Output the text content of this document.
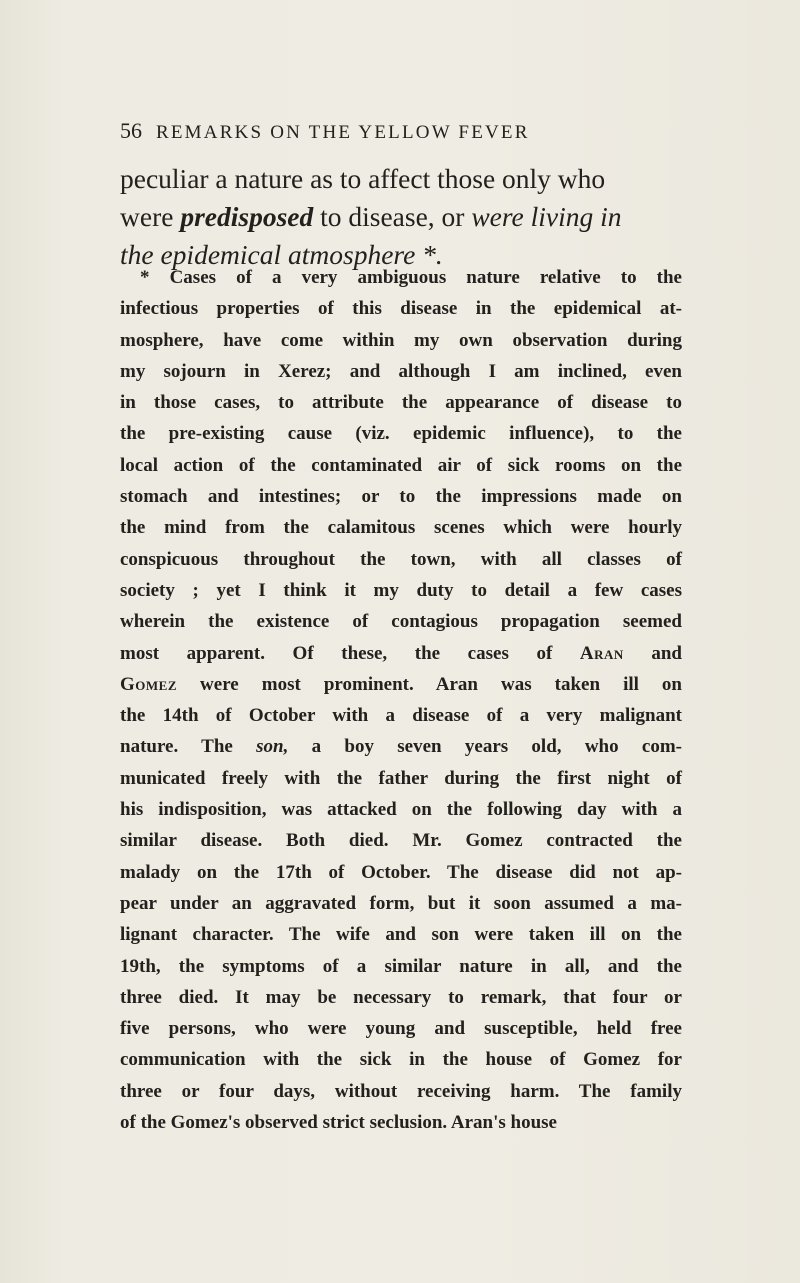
56 REMARKS ON THE YELLOW FEVER
peculiar a nature as to affect those only who
were predisposed to disease, or were living in
the epidemical atmosphere *.
* Cases of a very ambiguous nature relative to the
infectious properties of this disease in the epidemical at-
mosphere, have come within my own observation during
my sojourn in Xerez; and although I am inclined, even
in those cases, to attribute the appearance of disease to
the pre-existing cause (viz. epidemic influence), to the
local action of the contaminated air of sick rooms on the
stomach and intestines; or to the impressions made on
the mind from the calamitous scenes which were hourly
conspicuous throughout the town, with all classes of
society ; yet I think it my duty to detail a few cases
wherein the existence of contagious propagation seemed
most apparent. Of these, the cases of Aran and
Gomez were most prominent. Aran was taken ill on
the 14th of October with a disease of a very malignant
nature. The son, a boy seven years old, who com-
municated freely with the father during the first night of
his indisposition, was attacked on the following day with a
similar disease. Both died. Mr. Gomez contracted the
malady on the 17th of October. The disease did not ap-
pear under an aggravated form, but it soon assumed a ma-
lignant character. The wife and son were taken ill on the
19th, the symptoms of a similar nature in all, and the
three died. It may be necessary to remark, that four or
five persons, who were young and susceptible, held free
communication with the sick in the house of Gomez for
three or four days, without receiving harm. The family
of the Gomez's observed strict seclusion. Aran's house
